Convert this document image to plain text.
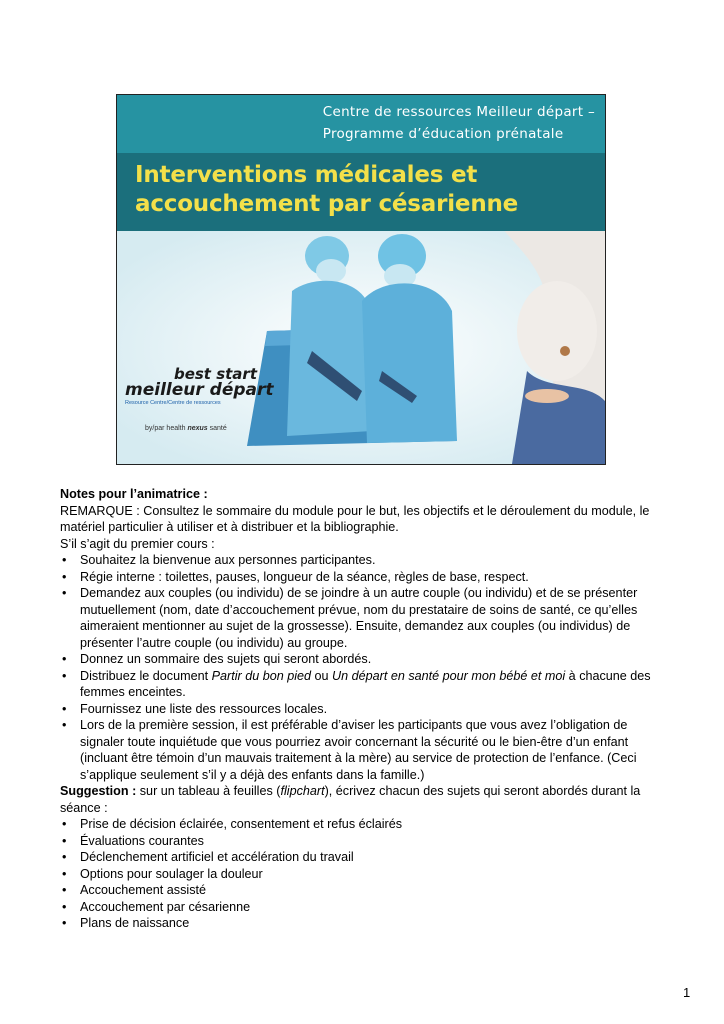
Centre de ressources Meilleur départ –
Programme d’éducation prénatale
Interventions médicales et
accouchement par césarienne
best start
meilleur départ
Resource Centre/Centre de ressources
by/par health nexus santé

Notes pour l’animatrice :

REMARQUE : Consultez le sommaire du module pour le but, les objectifs et le déroulement du module, le matériel particulier à utiliser et à distribuer et la bibliographie.

S’il s’agit du premier cours :

• Souhaitez la bienvenue aux personnes participantes.
• Régie interne : toilettes, pauses, longueur de la séance, règles de base, respect.
• Demandez aux couples (ou individu) de se joindre à un autre couple (ou individu) et de se présenter mutuellement (nom, date d’accouchement prévue, nom du prestataire de soins de santé, ce qu’elles aimeraient mentionner au sujet de la grossesse). Ensuite, demandez aux couples (ou individus) de présenter l’autre couple (ou individu) au groupe.
• Donnez un sommaire des sujets qui seront abordés.
• Distribuez le document Partir du bon pied ou Un départ en santé pour mon bébé et moi à chacune des femmes enceintes.
• Fournissez une liste des ressources locales.
• Lors de la première session, il est préférable d’aviser les participants que vous avez l’obligation de signaler toute inquiétude que vous pourriez avoir concernant la sécurité ou le bien-être d’un enfant (incluant être témoin d’un mauvais traitement à la mère) au service de protection de l’enfance. (Ceci s’applique seulement s’il y a déjà des enfants dans la famille.)

Suggestion : sur un tableau à feuilles (flipchart), écrivez chacun des sujets qui seront abordés durant la séance :

• Prise de décision éclairée, consentement et refus éclairés
• Évaluations courantes
• Déclenchement artificiel et accélération du travail
• Options pour soulager la douleur
• Accouchement assisté
• Accouchement par césarienne
• Plans de naissance
1
